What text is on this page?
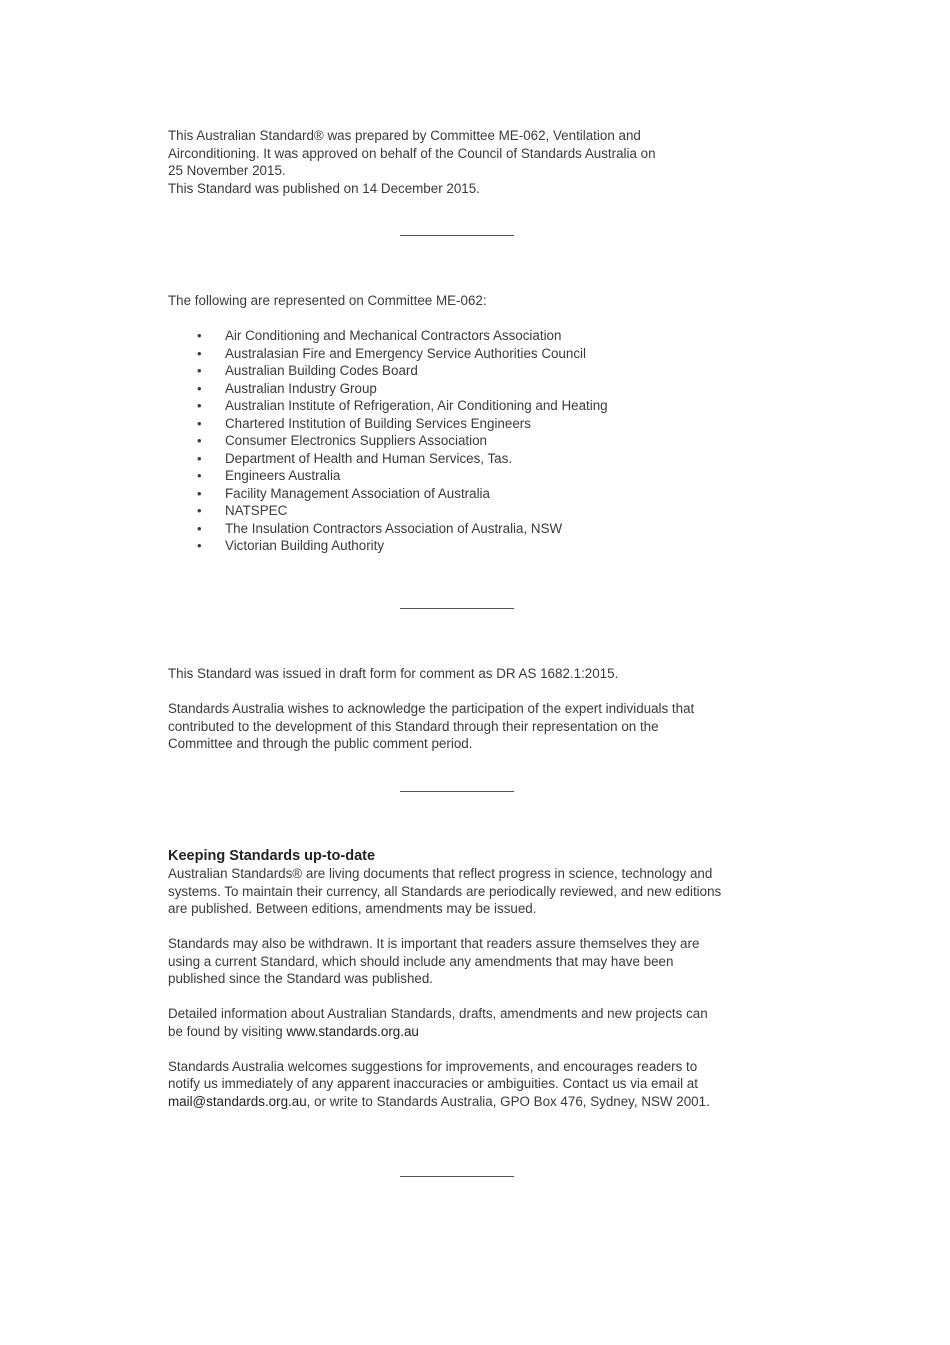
This Australian Standard® was prepared by Committee ME-062, Ventilation and

Airconditioning. It was approved on behalf of the Council of Standards Australia on

25 November 2015.

This Standard was published on 14 December 2015.

The following are represented on Committee ME-062:

• Air Conditioning and Mechanical Contractors Association

• Australasian Fire and Emergency Service Authorities Council

• Australian Building Codes Board

• Australian Industry Group

• Australian Institute of Refrigeration, Air Conditioning and Heating

• Chartered Institution of Building Services Engineers

• Consumer Electronics Suppliers Association

• Department of Health and Human Services, Tas.

• Engineers Australia

• Facility Management Association of Australia

• NATSPEC

• The Insulation Contractors Association of Australia, NSW

• Victorian Building Authority

This Standard was issued in draft form for comment as DR AS 1682.1:2015.

Standards Australia wishes to acknowledge the participation of the expert individuals that

contributed to the development of this Standard through their representation on the

Committee and through the public comment period.

Keeping Standards up-to-date

Australian Standards® are living documents that reflect progress in science, technology and

systems. To maintain their currency, all Standards are periodically reviewed, and new editions

are published. Between editions, amendments may be issued.

Standards may also be withdrawn. It is important that readers assure themselves they are

using a current Standard, which should include any amendments that may have been

published since the Standard was published.

Detailed information about Australian Standards, drafts, amendments and new projects can

be found by visiting www.standards.org.au

Standards Australia welcomes suggestions for improvements, and encourages readers to

notify us immediately of any apparent inaccuracies or ambiguities. Contact us via email at

mail@standards.org.au, or write to Standards Australia, GPO Box 476, Sydney, NSW 2001.
